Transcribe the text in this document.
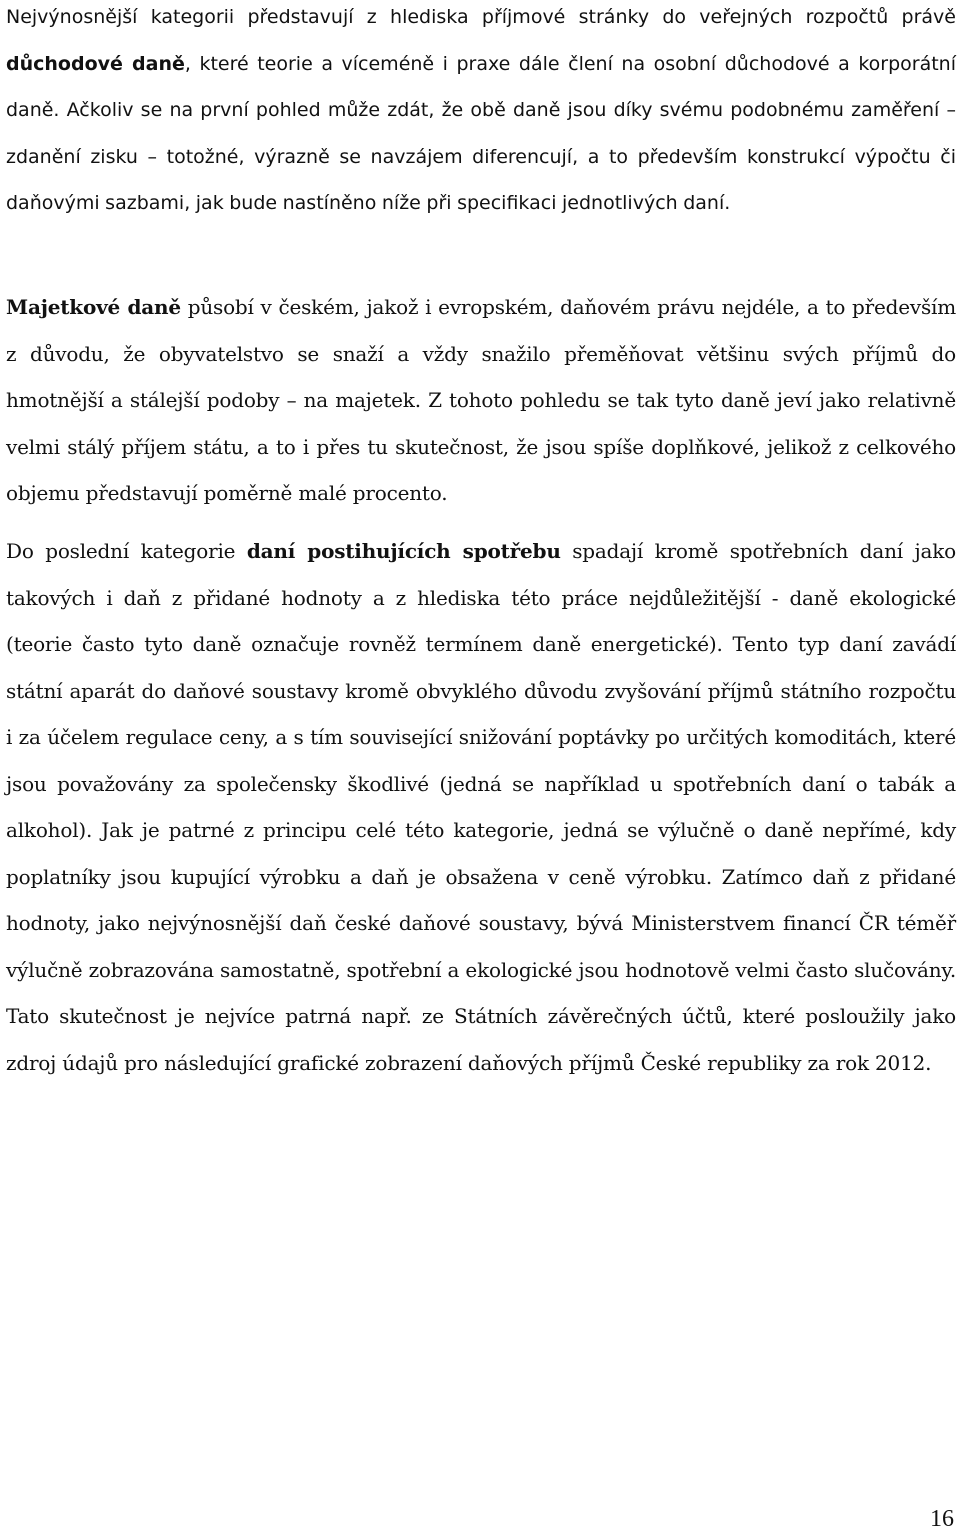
Nejvýnosnější kategorii představují z hlediska příjmové stránky do veřejných rozpočtů právě důchodové daně, které teorie a víceméně i praxe dále člení na osobní důchodové a korporátní daně. Ačkoliv se na první pohled může zdát, že obě daně jsou díky svému podobnému zaměření – zdanění zisku – totožné, výrazně se navzájem diferencují, a to především konstrukcí výpočtu či daňovými sazbami, jak bude nastíněno níže při specifikaci jednotlivých daní.

Majetkové daně působí v českém, jakož i evropském, daňovém právu nejdéle, a to především z důvodu, že obyvatelstvo se snaží a vždy snažilo přeměňovat většinu svých příjmů do hmotnější a stálejší podoby – na majetek. Z tohoto pohledu se tak tyto daně jeví jako relativně velmi stálý příjem státu, a to i přes tu skutečnost, že jsou spíše doplňkové, jelikož z celkového objemu představují poměrně malé procento.

Do poslední kategorie daní postihujících spotřebu spadají kromě spotřebních daní jako takových i daň z přidané hodnoty a z hlediska této práce nejdůležitější - daně ekologické (teorie často tyto daně označuje rovněž termínem daně energetické). Tento typ daní zavádí státní aparát do daňové soustavy kromě obvyklého důvodu zvyšování příjmů státního rozpočtu i za účelem regulace ceny, a s tím související snižování poptávky po určitých komoditách, které jsou považovány za společensky škodlivé (jedná se například u spotřebních daní o tabák a alkohol). Jak je patrné z principu celé této kategorie, jedná se výlučně o daně nepřímé, kdy poplatníky jsou kupující výrobku a daň je obsažena v ceně výrobku. Zatímco daň z přidané hodnoty, jako nejvýnosnější daň české daňové soustavy, bývá Ministerstvem financí ČR téměř výlučně zobrazována samostatně, spotřební a ekologické jsou hodnotově velmi často slučovány. Tato skutečnost je nejvíce patrná např. ze Státních závěrečných účtů, které posloužily jako zdroj údajů pro následující grafické zobrazení daňových příjmů České republiky za rok 2012.

16
